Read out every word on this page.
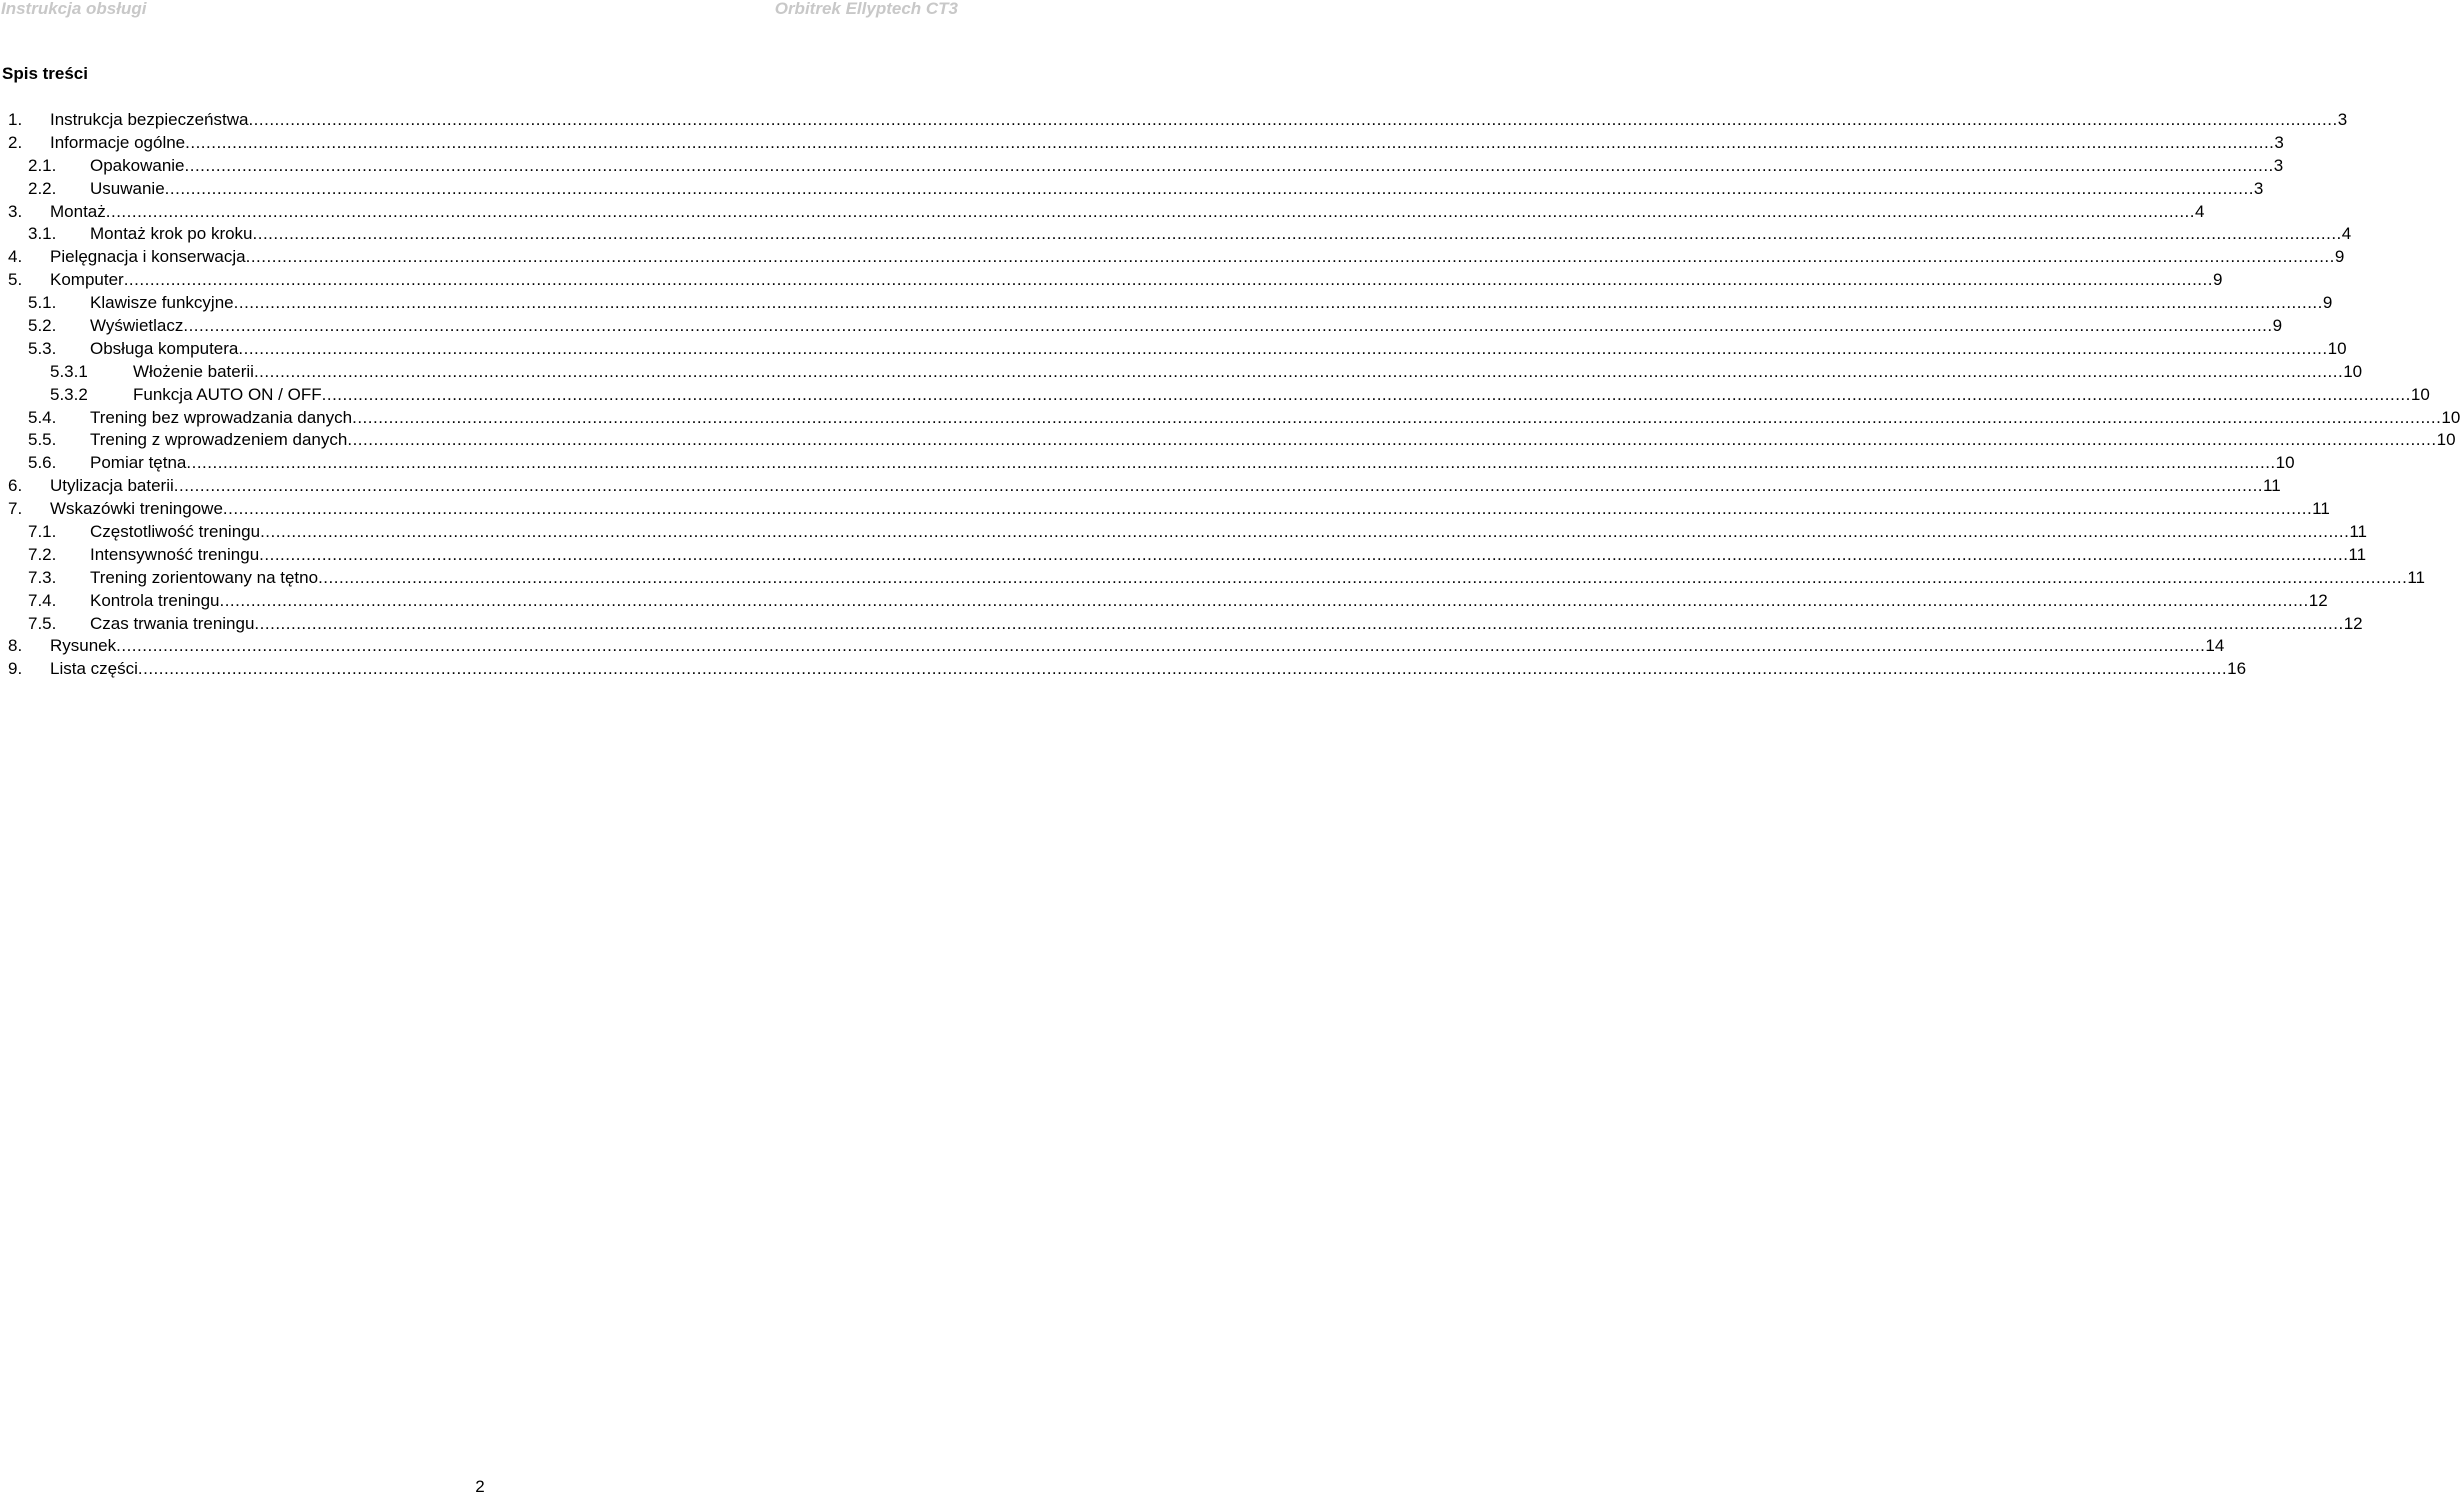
Instrukcja obsługi	Orbitrek Ellyptech CT3
Spis treści
1. Instrukcja bezpieczeństwa ................................................................................................................................................................................................................................................................................................................................................................................................................ 3
2. Informacje ogólne ................................................................................................................................................................................................................................................................................................................................................................................................................ 3
2.1. Opakowanie ................................................................................................................................................................................................................................................................................................................................................................................................................ 3
2.2. Usuwanie ................................................................................................................................................................................................................................................................................................................................................................................................................ 3
3. Montaż ................................................................................................................................................................................................................................................................................................................................................................................................................ 4
3.1. Montaż krok po kroku ................................................................................................................................................................................................................................................................................................................................................................................................................ 4
4. Pielęgnacja i konserwacja ................................................................................................................................................................................................................................................................................................................................................................................................................ 9
5. Komputer ................................................................................................................................................................................................................................................................................................................................................................................................................ 9
5.1. Klawisze funkcyjne ................................................................................................................................................................................................................................................................................................................................................................................................................ 9
5.2. Wyświetlacz ................................................................................................................................................................................................................................................................................................................................................................................................................ 9
5.3. Obsługa komputera ................................................................................................................................................................................................................................................................................................................................................................................................................ 10
5.3.1	Włożenie baterii ................................................................................................................................................................................................................................................................................................................................................................................................................ 10
5.3.2	Funkcja AUTO ON / OFF ................................................................................................................................................................................................................................................................................................................................................................................................................ 10
5.4. Trening bez wprowadzania danych ................................................................................................................................................................................................................................................................................................................................................................................................................ 10
5.5. Trening z wprowadzeniem danych ................................................................................................................................................................................................................................................................................................................................................................................................................ 10
5.6. Pomiar tętna ................................................................................................................................................................................................................................................................................................................................................................................................................ 10
6. Utylizacja baterii ................................................................................................................................................................................................................................................................................................................................................................................................................ 11
7. Wskazówki treningowe ................................................................................................................................................................................................................................................................................................................................................................................................................ 11
7.1. Częstotliwość treningu ................................................................................................................................................................................................................................................................................................................................................................................................................ 11
7.2. Intensywność treningu ................................................................................................................................................................................................................................................................................................................................................................................................................ 11
7.3. Trening zorientowany na tętno ................................................................................................................................................................................................................................................................................................................................................................................................................ 11
7.4. Kontrola treningu ................................................................................................................................................................................................................................................................................................................................................................................................................ 12
7.5. Czas trwania treningu ................................................................................................................................................................................................................................................................................................................................................................................................................ 12
8. Rysunek ................................................................................................................................................................................................................................................................................................................................................................................................................ 14
9. Lista części ................................................................................................................................................................................................................................................................................................................................................................................................................ 16
2
